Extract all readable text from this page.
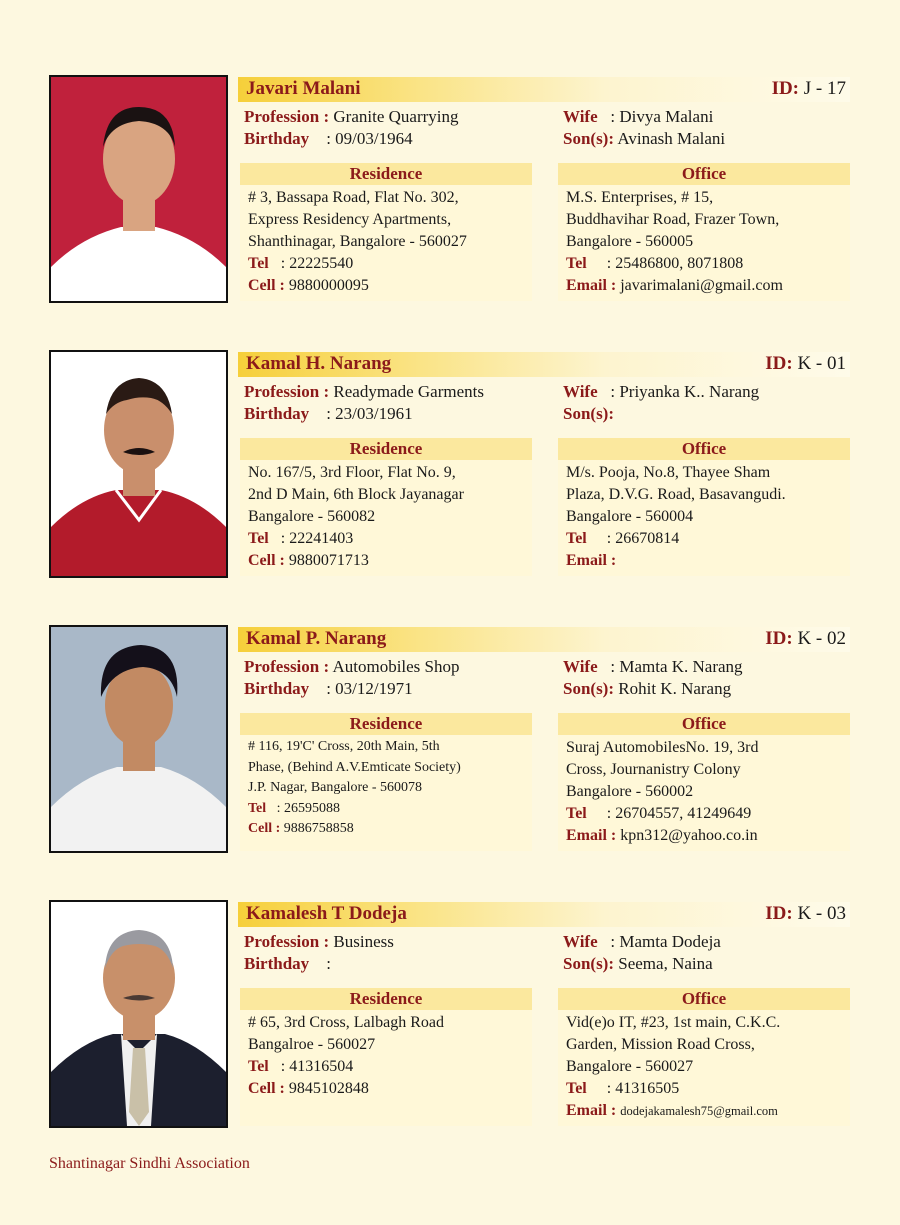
Javari Malani	ID: J - 17
Profession : Granite Quarrying
Birthday : 09/03/1964
Wife : Divya Malani
Son(s): Avinash Malani
Residence
# 3, Bassapa Road, Flat No. 302,
Express Residency Apartments,
Shanthinagar, Bangalore - 560027
Tel : 22225540
Cell : 9880000095
Office
M.S. Enterprises, # 15,
Buddhavihar Road, Frazer Town,
Bangalore - 560005
Tel : 25486800, 8071808
Email : javarimalani@gmail.com
Kamal H. Narang	ID: K - 01
Profession : Readymade Garments
Birthday : 23/03/1961
Wife : Priyanka K.. Narang
Son(s):
Residence
No. 167/5, 3rd Floor, Flat No. 9,
2nd D Main, 6th Block Jayanagar
Bangalore - 560082
Tel : 22241403
Cell : 9880071713
Office
M/s. Pooja, No.8, Thayee Sham
Plaza, D.V.G. Road, Basavangudi.
Bangalore - 560004
Tel : 26670814
Email :
Kamal P. Narang	ID: K - 02
Profession : Automobiles Shop
Birthday : 03/12/1971
Wife : Mamta K. Narang
Son(s): Rohit K. Narang
Residence
# 116, 19'C' Cross, 20th Main, 5th
Phase, (Behind A.V.Emticate Society)
J.P. Nagar, Bangalore - 560078
Tel : 26595088
Cell : 9886758858
Office
Suraj AutomobilesNo. 19, 3rd
Cross, Journanistry Colony
Bangalore - 560002
Tel : 26704557, 41249649
Email : kpn312@yahoo.co.in
Kamalesh T Dodeja	ID: K - 03
Profession : Business
Birthday :
Wife : Mamta Dodeja
Son(s): Seema, Naina
Residence
# 65, 3rd Cross, Lalbagh Road
Bangalroe - 560027
Tel : 41316504
Cell : 9845102848
Office
Vid(e)o IT, #23, 1st main, C.K.C.
Garden, Mission Road Cross,
Bangalore - 560027
Tel : 41316505
Email : dodejakamalesh75@gmail.com
Shantinagar Sindhi Association
